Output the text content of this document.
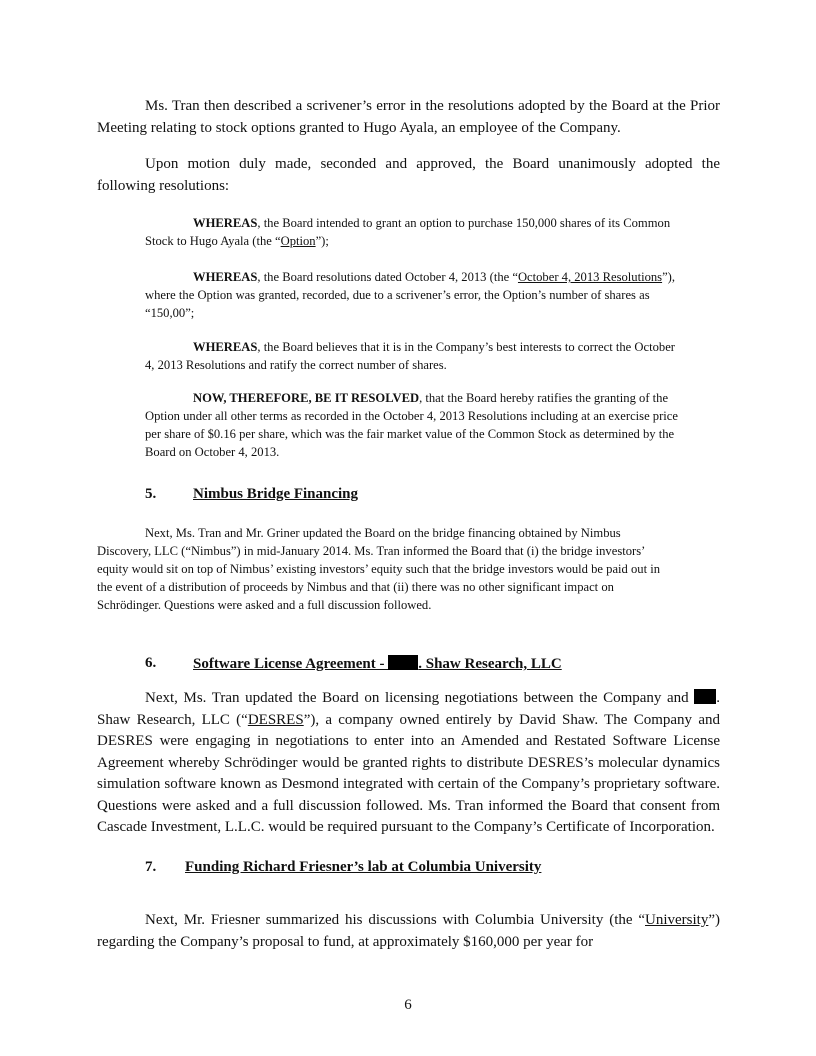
Ms. Tran then described a scrivener’s error in the resolutions adopted by the Board at the Prior Meeting relating to stock options granted to Hugo Ayala, an employee of the Company.

Upon motion duly made, seconded and approved, the Board unanimously adopted the following resolutions:

WHEREAS, the Board intended to grant an option to purchase 150,000 shares of its Common Stock to Hugo Ayala (the “Option”);

WHEREAS, the Board resolutions dated October 4, 2013 (the “October 4, 2013 Resolutions”), where the Option was granted, recorded, due to a scrivener’s error, the Option’s number of shares as “150,00”;

WHEREAS, the Board believes that it is in the Company’s best interests to correct the October 4, 2013 Resolutions and ratify the correct number of shares.

NOW, THEREFORE, BE IT RESOLVED, that the Board hereby ratifies the granting of the Option under all other terms as recorded in the October 4, 2013 Resolutions including at an exercise price per share of $0.16 per share, which was the fair market value of the Common Stock as determined by the Board on October 4, 2013.

5. Nimbus Bridge Financing

Next, Ms. Tran and Mr. Griner updated the Board on the bridge financing obtained by Nimbus Discovery, LLC (“Nimbus”) in mid-January 2014. Ms. Tran informed the Board that (i) the bridge investors’ equity would sit on top of Nimbus’ existing investors’ equity such that the bridge investors would be paid out in the event of a distribution of proceeds by Nimbus and that (ii) there was no other significant impact on Schrödinger. Questions were asked and a full discussion followed.

6. Software License Agreement - . Shaw Research, LLC

Next, Ms. Tran updated the Board on licensing negotiations between the Company and . Shaw Research, LLC (“DESRES”), a company owned entirely by David Shaw. The Company and DESRES were engaging in negotiations to enter into an Amended and Restated Software License Agreement whereby Schrödinger would be granted rights to distribute DESRES’s molecular dynamics simulation software known as Desmond integrated with certain of the Company’s proprietary software. Questions were asked and a full discussion followed. Ms. Tran informed the Board that consent from Cascade Investment, L.L.C. would be required pursuant to the Company’s Certificate of Incorporation.

7. Funding Richard Friesner’s lab at Columbia University

Next, Mr. Friesner summarized his discussions with Columbia University (the “University”) regarding the Company’s proposal to fund, at approximately $160,000 per year for

6
